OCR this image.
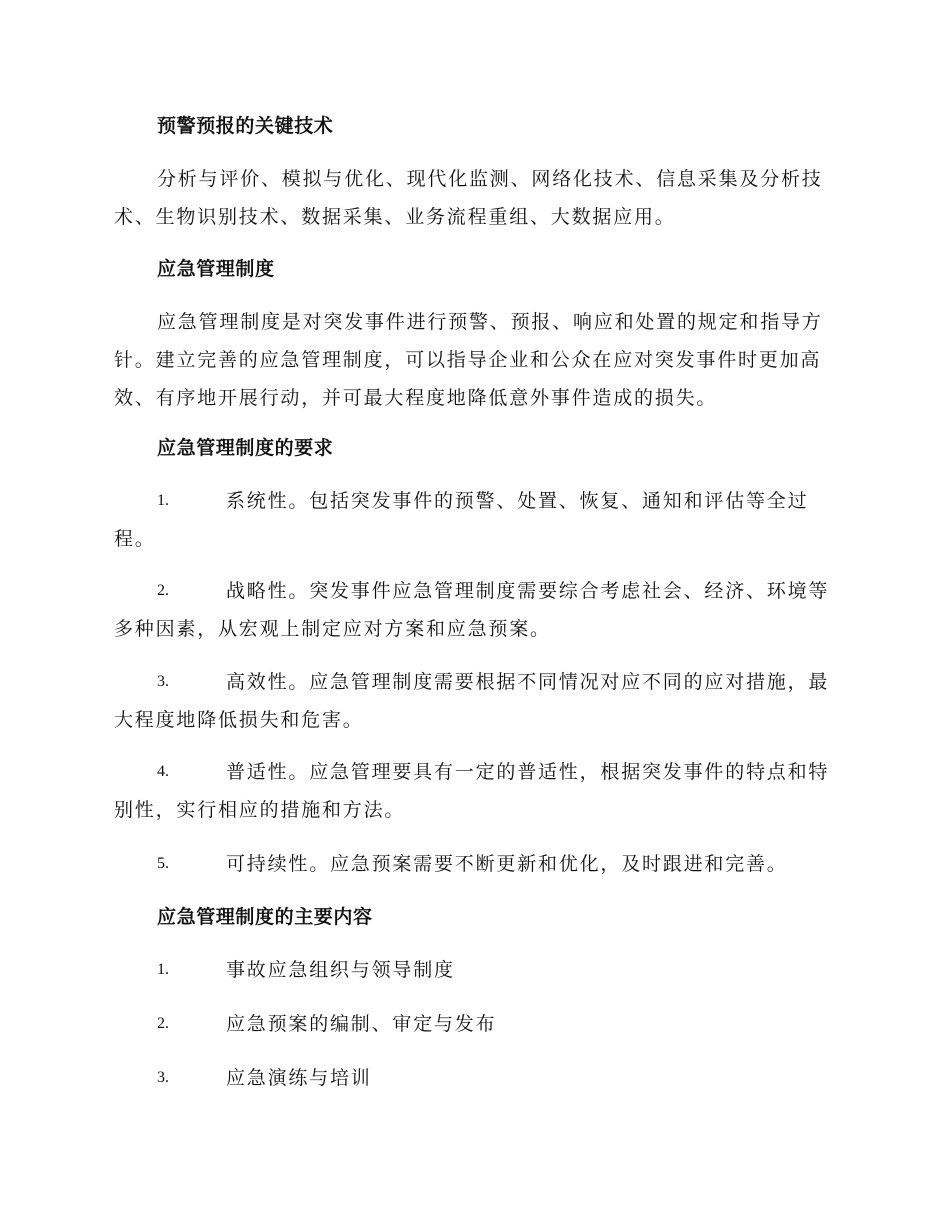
预警预报的关键技术

分析与评价、模拟与优化、现代化监测、网络化技术、信息采集及分析技术、生物识别技术、数据采集、业务流程重组、大数据应用。

应急管理制度

应急管理制度是对突发事件进行预警、预报、响应和处置的规定和指导方针。建立完善的应急管理制度，可以指导企业和公众在应对突发事件时更加高效、有序地开展行动，并可最大程度地降低意外事件造成的损失。

应急管理制度的要求

1.	系统性。包括突发事件的预警、处置、恢复、通知和评估等全过程。
2.	战略性。突发事件应急管理制度需要综合考虑社会、经济、环境等多种因素，从宏观上制定应对方案和应急预案。
3.	高效性。应急管理制度需要根据不同情况对应不同的应对措施，最大程度地降低损失和危害。
4.	普适性。应急管理要具有一定的普适性，根据突发事件的特点和特别性，实行相应的措施和方法。
5.	可持续性。应急预案需要不断更新和优化，及时跟进和完善。

应急管理制度的主要内容

1.	事故应急组织与领导制度
2.	应急预案的编制、审定与发布
3.	应急演练与培训
